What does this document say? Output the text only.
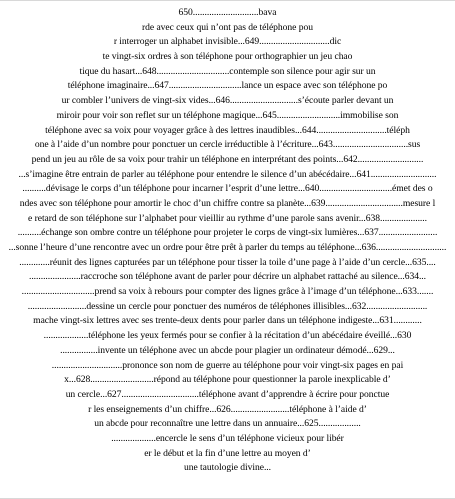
650............................bava
rde avec ceux qui n’ont pas de téléphone pou
r interroger un alphabet invisible...649..............................dic
te vingt-six ordres à son téléphone pour orthographier un jeu chao
tique du hasart...648...............................contemple son silence pour agir sur un
téléphone imaginaire...647...............................lance un espace avec son téléphone po
ur combler l’univers de vingt-six vides...646.............................s’écoute parler devant un
miroir pour voir son reflet sur un téléphone magique...645...........................immobilise son
téléphone avec sa voix pour voyager grâce à des lettres inaudibles...644..............................téléph
one à l’aide d’un nombre pour ponctuer un cercle irréductible à l’écriture...643................................sus
pend un jeu au rôle de sa voix pour trahir un téléphone en interprétant des points...642............................
...s’imagine être entrain de parler au téléphone pour entendre le silence d’un abécédaire...641............................
..........dévisage le corps d’un téléphone pour incarner l’esprit d’une lettre...640...............................émet des o
ndes avec son téléphone pour amortir le choc d’un chiffre contre sa planète...639.................................mesure l
e retard de son téléphone sur l’alphabet pour vieillir au rythme d’une parole sans avenir...638....................
..........échange son ombre contre un téléphone pour projeter le corps de vingt-six lumières...637.........................
...sonne l’heure d’une rencontre avec un ordre pour être prêt à parler du temps au téléphone...636..............................
.............réunit des lignes capturées par un téléphone pour tisser la toile d’une page à l’aide d’un cercle...635....
......................raccroche son téléphone avant de parler pour décrire un alphabet rattaché au silence...634...
...............................prend sa voix à rebours pour compter des lignes grâce à l’image d’un téléphone...633.......
.........................dessine un cercle pour ponctuer des numéros de téléphones illisibles...632..........................
mache vingt-six lettres avec ses trente-deux dents pour parler dans un téléphone indigeste...631............
...................téléphone les yeux fermés pour se confier à la récitation d’un abécédaire éveillé...630
................invente un téléphone avec un abcde pour plagier un ordinateur démodé...629...
..............................prononce son nom de guerre au téléphone pour voir vingt-six pages en pai
x...628...........................répond au téléphone pour questionner la parole inexplicable d’
un cercle...627.................................téléphone avant d’apprendre à écrire pour ponctue
r les enseignements d’un chiffre...626.........................téléphone à l’aide d’
un abcde pour reconnaître une lettre dans un annuaire...625..................
...................encercle le sens d’un téléphone vicieux pour libér
er le début et la fin d’une lettre au moyen d’
une tautologie divine...
